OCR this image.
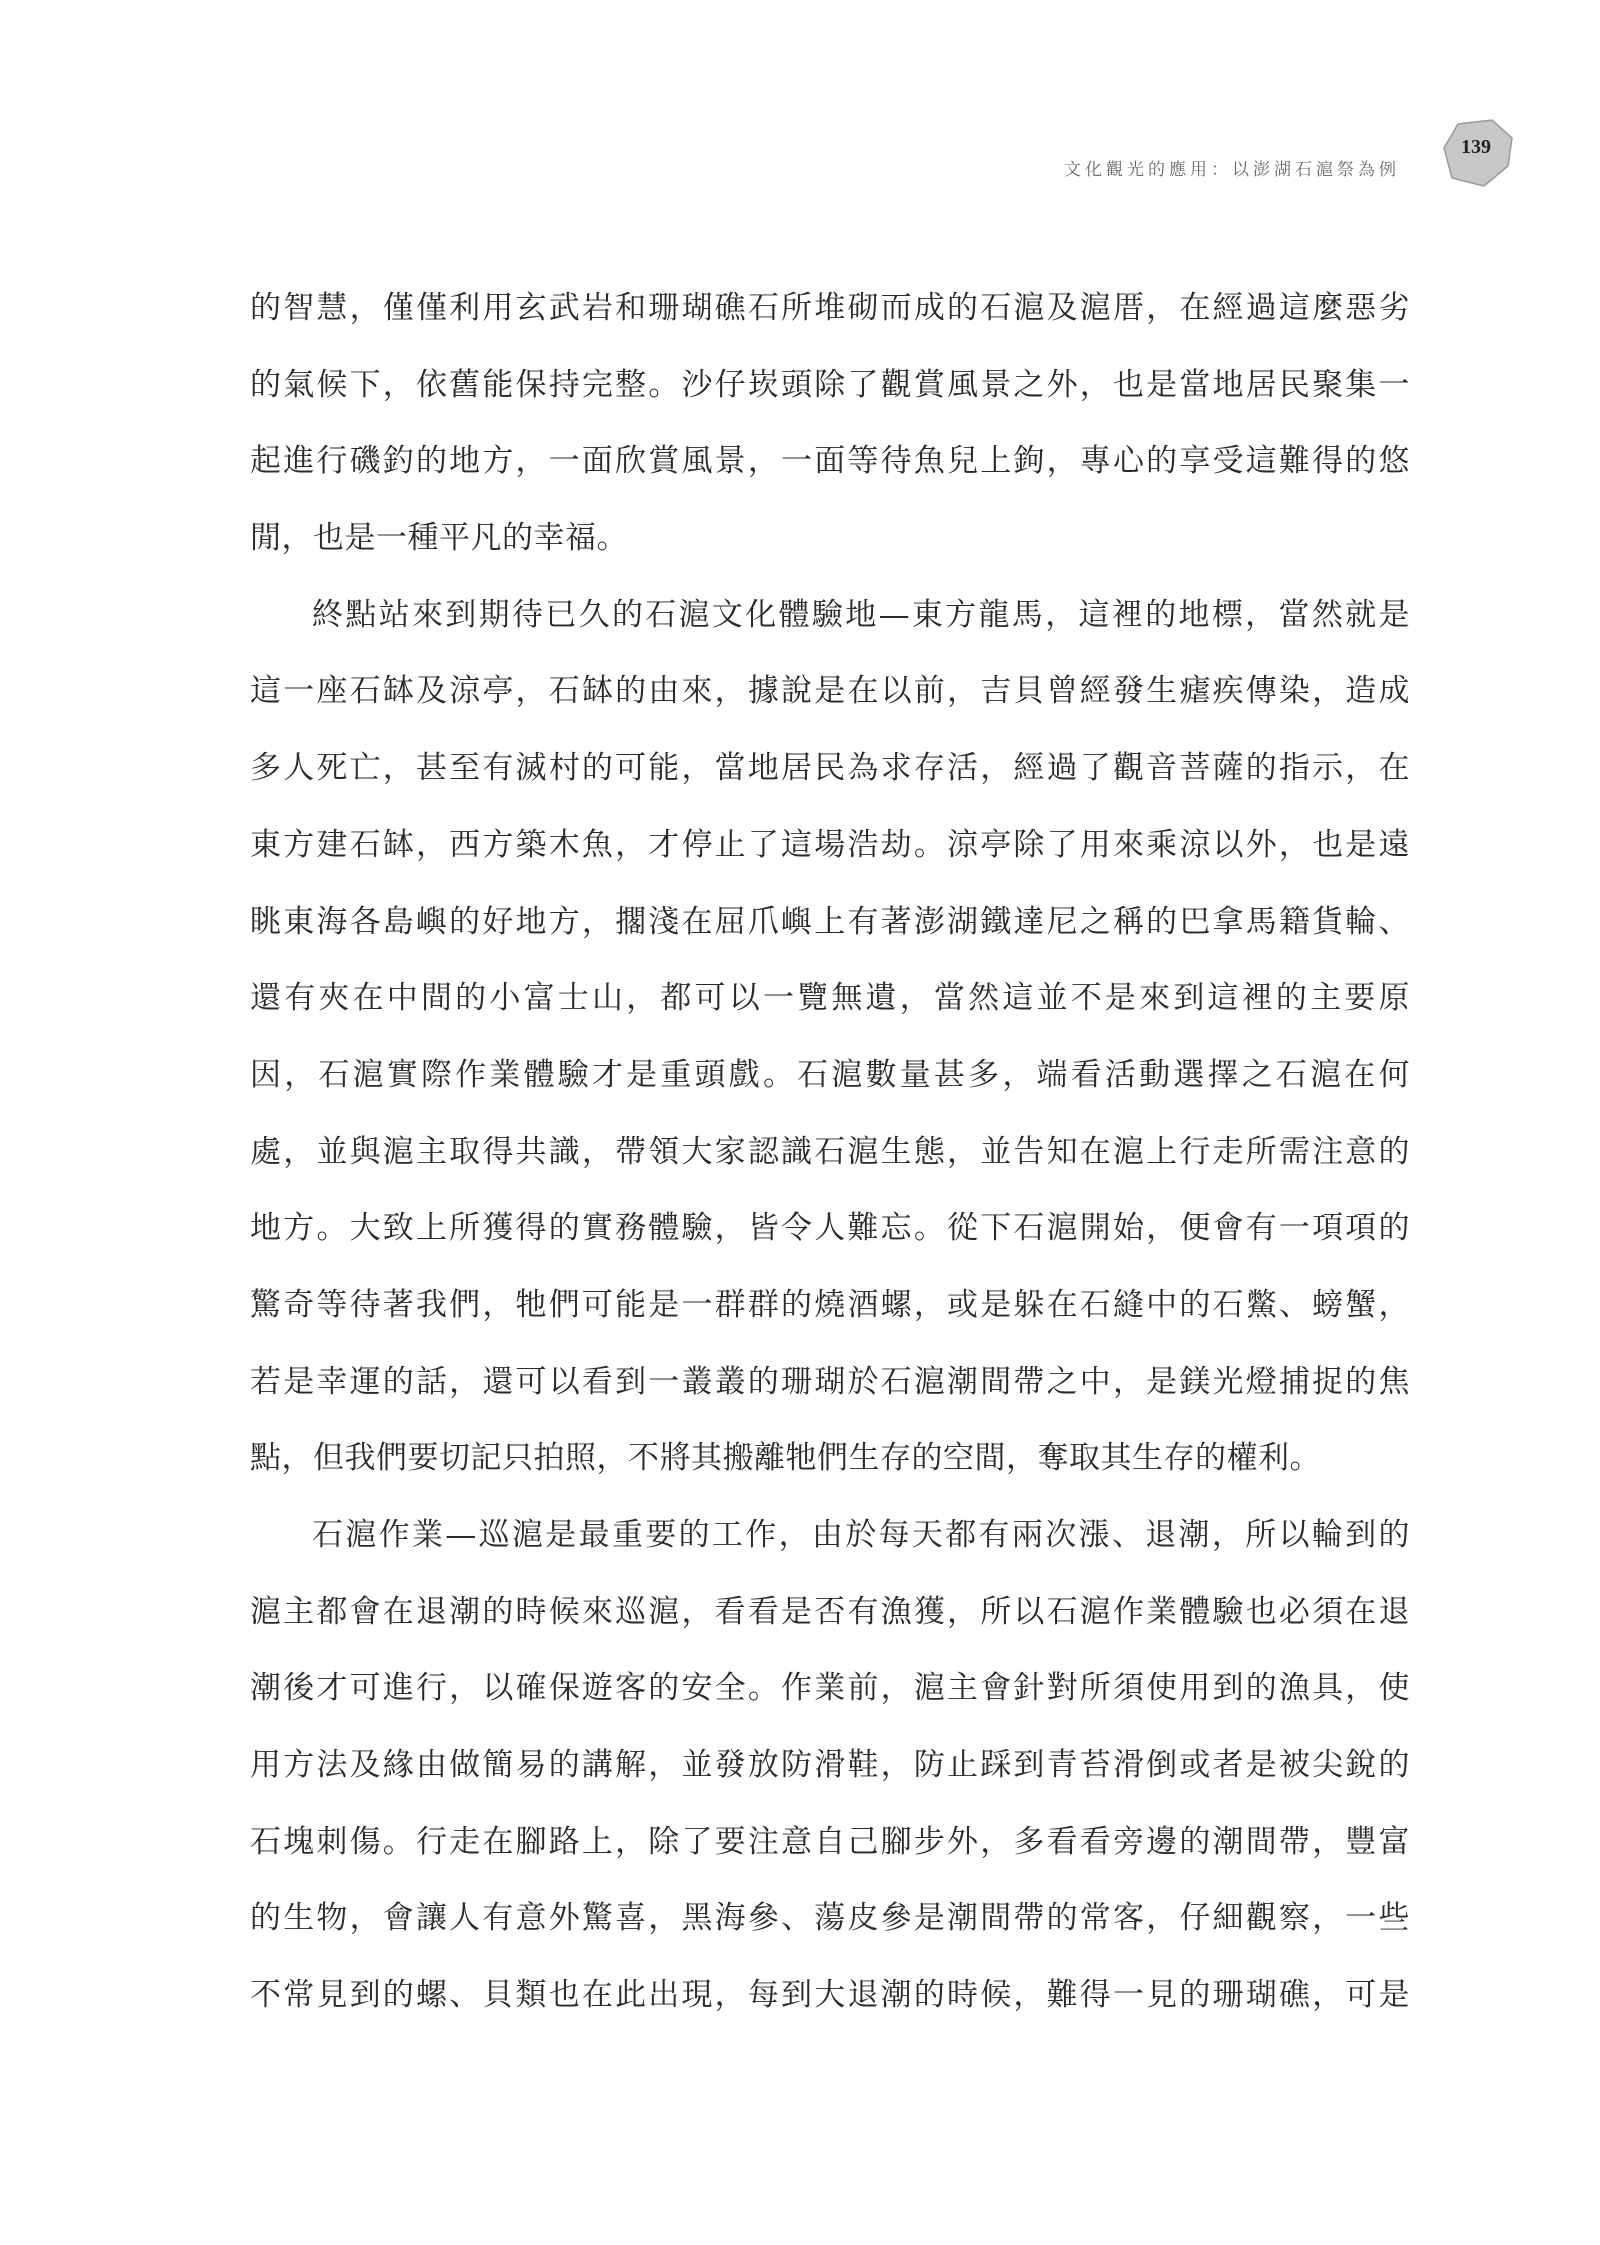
文化觀光的應用：以澎湖石滬祭為例
139
的智慧，僅僅利用玄武岩和珊瑚礁石所堆砌而成的石滬及滬厝，在經過這麼惡劣
的氣候下，依舊能保持完整。沙仔崁頭除了觀賞風景之外，也是當地居民聚集一
起進行磯釣的地方，一面欣賞風景，一面等待魚兒上鉤，專心的享受這難得的悠
閒，也是一種平凡的幸福。
終點站來到期待已久的石滬文化體驗地—東方龍馬，這裡的地標，當然就是
這一座石缽及涼亭，石缽的由來，據說是在以前，吉貝曾經發生瘧疾傳染，造成
多人死亡，甚至有滅村的可能，當地居民為求存活，經過了觀音菩薩的指示，在
東方建石缽，西方築木魚，才停止了這場浩劫。涼亭除了用來乘涼以外，也是遠
眺東海各島嶼的好地方，擱淺在屈爪嶼上有著澎湖鐵達尼之稱的巴拿馬籍貨輪、
還有夾在中間的小富士山，都可以一覽無遺，當然這並不是來到這裡的主要原
因，石滬實際作業體驗才是重頭戲。石滬數量甚多，端看活動選擇之石滬在何
處，並與滬主取得共識，帶領大家認識石滬生態，並告知在滬上行走所需注意的
地方。大致上所獲得的實務體驗，皆令人難忘。從下石滬開始，便會有一項項的
驚奇等待著我們，牠們可能是一群群的燒酒螺，或是躲在石縫中的石鱉、螃蟹，
若是幸運的話，還可以看到一叢叢的珊瑚於石滬潮間帶之中，是鎂光燈捕捉的焦
點，但我們要切記只拍照，不將其搬離牠們生存的空間，奪取其生存的權利。
石滬作業—巡滬是最重要的工作，由於每天都有兩次漲、退潮，所以輪到的
滬主都會在退潮的時候來巡滬，看看是否有漁獲，所以石滬作業體驗也必須在退
潮後才可進行，以確保遊客的安全。作業前，滬主會針對所須使用到的漁具，使
用方法及緣由做簡易的講解，並發放防滑鞋，防止踩到青苔滑倒或者是被尖銳的
石塊刺傷。行走在腳路上，除了要注意自己腳步外，多看看旁邊的潮間帶，豐富
的生物，會讓人有意外驚喜，黑海參、蕩皮參是潮間帶的常客，仔細觀察，一些
不常見到的螺、貝類也在此出現，每到大退潮的時候，難得一見的珊瑚礁，可是
